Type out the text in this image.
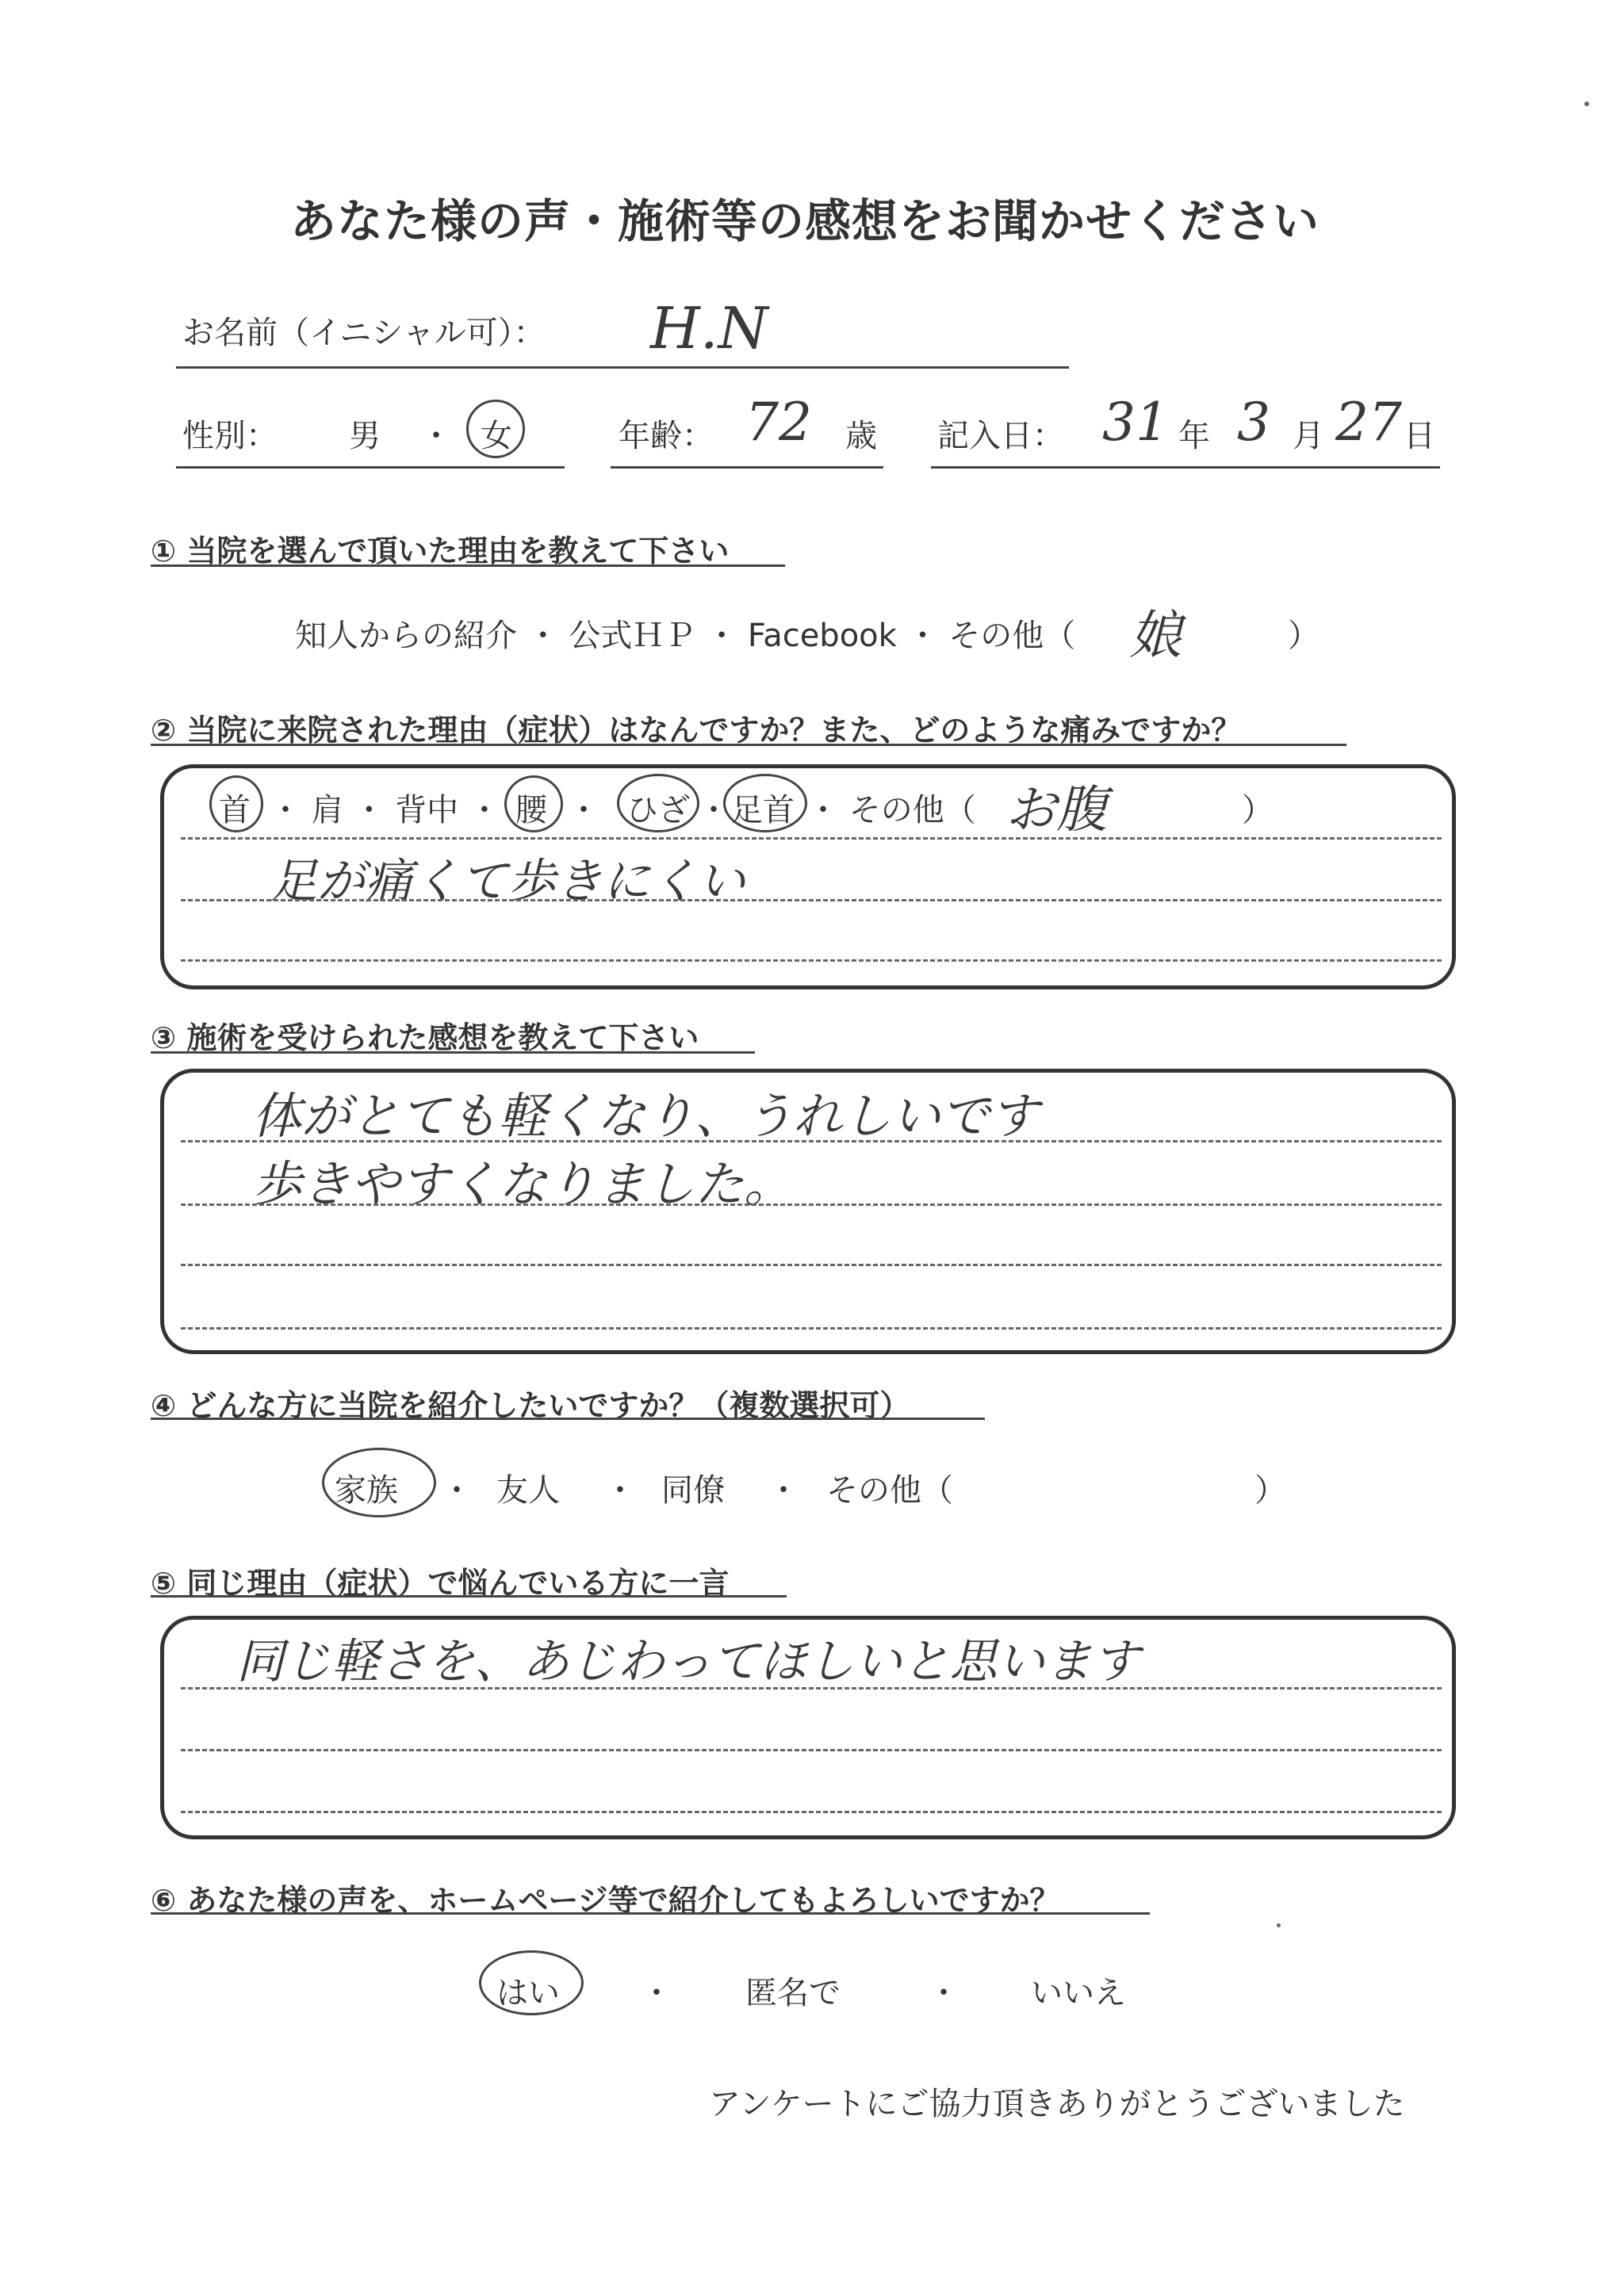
あなた様の声・施術等の感想をお聞かせください
お名前（イニシャル可）： H.N
性別： 男 ・ 女	年齢： 72 歳 記入日： 31 年 3 月 27 日
① 当院を選んで頂いた理由を教えて下さい
知人からの紹介 ・ 公式ＨＰ ・ Facebook ・ その他（ 娘	）
② 当院に来院された理由（症状）はなんですか？また、どのような痛みですか？
首 ・ 肩 ・ 背中 ・ 腰 ・ ひざ ・ 足首 ・ その他（ お腹	）
足が痛くて歩きにくい
③ 施術を受けられた感想を教えて下さい
体がとても軽くなり、うれしいです
歩きやすくなりました。
④ どんな方に当院を紹介したいですか？（複数選択可）
家族 ・ 友人 ・ 同僚 ・ その他（	）
⑤ 同じ理由（症状）で悩んでいる方に一言
同じ軽さを、あじわってほしいと思います
⑥ あなた様の声を、ホームページ等で紹介してもよろしいですか？
はい	・ 匿名で	・ いいえ
アンケートにご協力頂きありがとうございました
